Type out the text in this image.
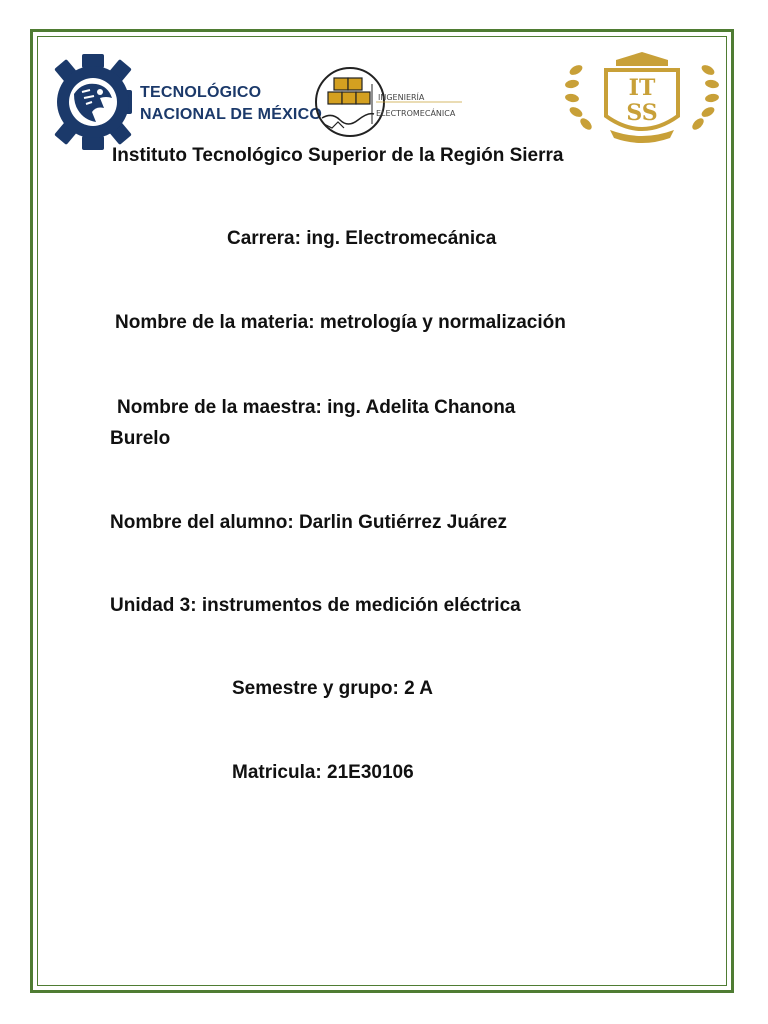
TECNOLÓGICO
NACIONAL DE MÉXICO
INGENIERÍA
ELECTROMECÁNICA
IT
SS

Instituto Tecnológico Superior de la Región Sierra

Carrera: ing. Electromecánica

Nombre de la materia: metrología y normalización

Nombre de la maestra: ing. Adelita Chanona

Burelo

Nombre del alumno: Darlin Gutiérrez Juárez

Unidad 3: instrumentos de medición eléctrica

Semestre y grupo: 2 A

Matricula: 21E30106
